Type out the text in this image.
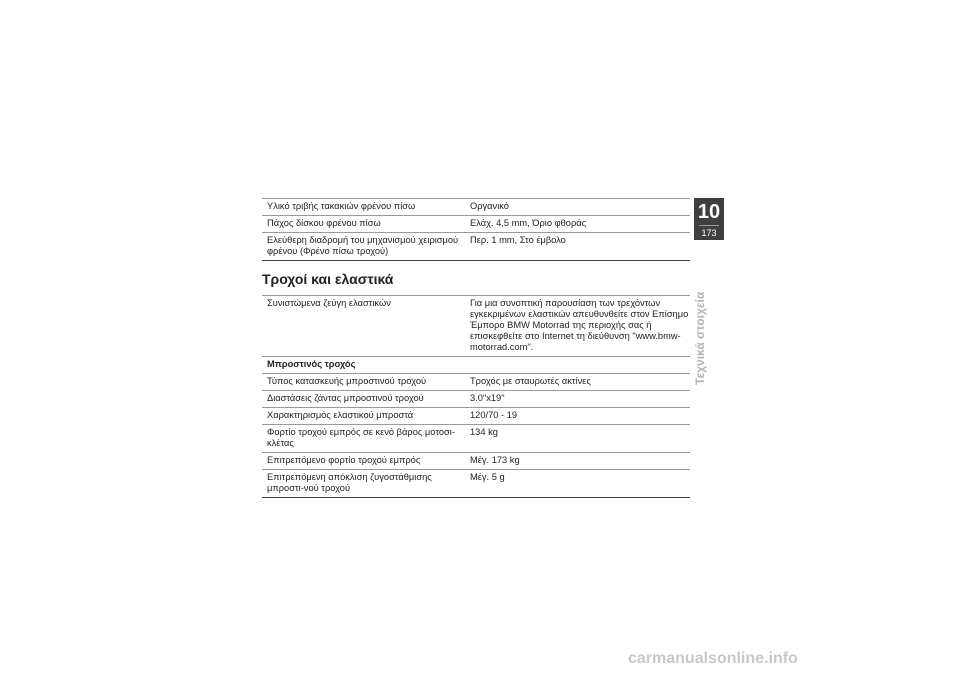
Υλικό τριβής τακακιών φρένου πίσω	Οργανικό
Πάχος δίσκου φρένου πίσω	Ελάχ. 4,5 mm, Όριο φθοράς
Ελεύθερη διαδρομή του μηχανισμού χειρισμού φρένου (Φρένο πίσω τροχού)	Περ. 1 mm, Στο έμβολο
Τροχοί και ελαστικά
Συνιστώμενα ζεύγη ελαστικών	Για μια συνοπτική παρουσίαση των τρεχόντων εγκεκριμένων ελαστικών απευθυνθείτε στον Επίσημο Έμπορο BMW Motorrad της περιοχής σας ή επισκεφθείτε στο Internet τη διεύθυνση "www.bmw-motorrad.com".
Μπροστινός τροχός	
Τύπος κατασκευής μπροστινού τροχού	Τροχός με σταυρωτές ακτίνες
Διαστάσεις ζάντας μπροστινού τροχού	3.0"x19"
Χαρακτηρισμός ελαστικού μπροστά	120/70 - 19
Φορτίο τροχού εμπρός σε κενό βάρος μοτοσι-κλέτας	134 kg
Επιτρεπόμενο φορτίο τροχού εμπρός	Μέγ. 173 kg
Επιτρεπόμενη απόκλιση ζυγοστάθμισης μπροστι-νού τροχού	Μέγ. 5 g
10
173
Τεχνικά στοιχεία
carmanualsonline.info
